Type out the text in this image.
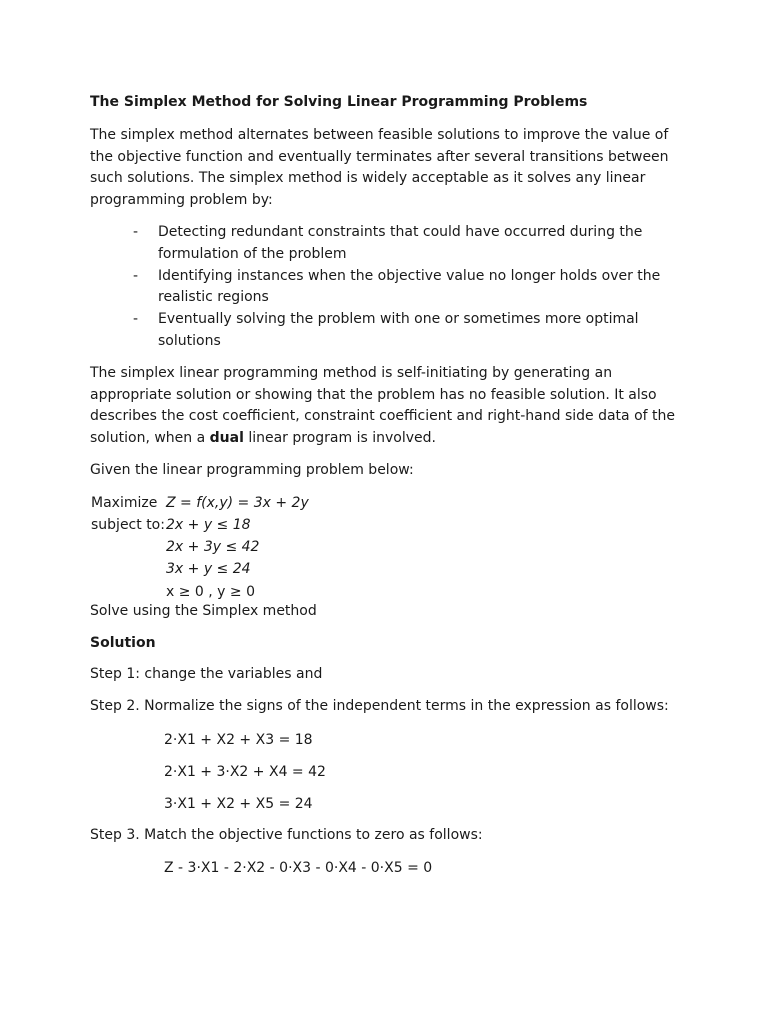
The Simplex Method for Solving Linear Programming Problems

The simplex method alternates between feasible solutions to improve the value of the objective function and eventually terminates after several transitions between such solutions. The simplex method is widely acceptable as it solves any linear programming problem by:

- Detecting redundant constraints that could have occurred during the formulation of the problem
- Identifying instances when the objective value no longer holds over the realistic regions
- Eventually solving the problem with one or sometimes more optimal solutions

The simplex linear programming method is self-initiating by generating an appropriate solution or showing that the problem has no feasible solution. It also describes the cost coefficient, constraint coefficient and right-hand side data of the solution, when a dual linear program is involved.

Given the linear programming problem below:

Maximize Z = f(x,y) = 3x + 2y
subject to: 2x + y ≤ 18
2x + 3y ≤ 42
3x + y ≤ 24
x ≥ 0 , y ≥ 0
Solve using the Simplex method
Solution

Step 1: change the variables and

Step 2. Normalize the signs of the independent terms in the expression as follows:

2·X1 + X2 + X3 = 18
2·X1 + 3·X2 + X4 = 42
3·X1 + X2 + X5 = 24

Step 3. Match the objective functions to zero as follows:

Z - 3·X1 - 2·X2 - 0·X3 - 0·X4 - 0·X5 = 0
